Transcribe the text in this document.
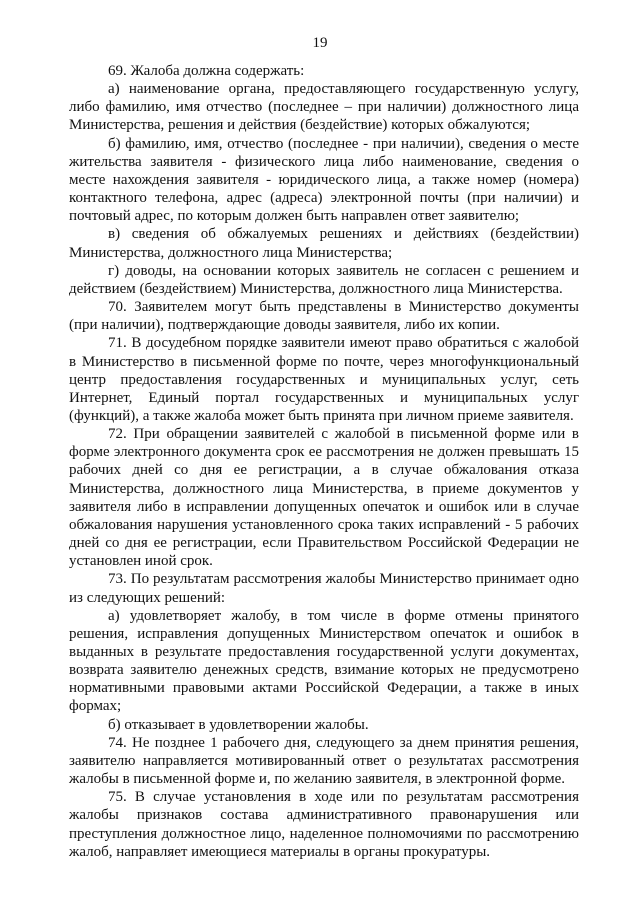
19

69. Жалоба должна содержать:

а) наименование органа, предоставляющего государственную услугу, либо фамилию, имя отчество (последнее – при наличии) должностного лица Министерства, решения и действия (бездействие) которых обжалуются;

б) фамилию, имя, отчество (последнее - при наличии), сведения о месте жительства заявителя - физического лица либо наименование, сведения о месте нахождения заявителя - юридического лица, а также номер (номера) контактного телефона, адрес (адреса) электронной почты (при наличии) и почтовый адрес, по которым должен быть направлен ответ заявителю;

в) сведения об обжалуемых решениях и действиях (бездействии) Министерства, должностного лица Министерства;

г) доводы, на основании которых заявитель не согласен с решением и действием (бездействием) Министерства, должностного лица Министерства.

70. Заявителем могут быть представлены в Министерство документы (при наличии), подтверждающие доводы заявителя, либо их копии.

71. В досудебном порядке заявители имеют право обратиться с жалобой в Министерство в письменной форме по почте, через многофункциональный центр предоставления государственных и муниципальных услуг, сеть Интернет, Единый портал государственных и муниципальных услуг (функций), а также жалоба может быть принята при личном приеме заявителя.

72. При обращении заявителей с жалобой в письменной форме или в форме электронного документа срок ее рассмотрения не должен превышать 15 рабочих дней со дня ее регистрации, а в случае обжалования отказа Министерства, должностного лица Министерства, в приеме документов у заявителя либо в исправлении допущенных опечаток и ошибок или в случае обжалования нарушения установленного срока таких исправлений - 5 рабочих дней со дня ее регистрации, если Правительством Российской Федерации не установлен иной срок.

73. По результатам рассмотрения жалобы Министерство принимает одно из следующих решений:

а) удовлетворяет жалобу, в том числе в форме отмены принятого решения, исправления допущенных Министерством опечаток и ошибок в выданных в результате предоставления государственной услуги документах, возврата заявителю денежных средств, взимание которых не предусмотрено нормативными правовыми актами Российской Федерации, а также в иных формах;

б) отказывает в удовлетворении жалобы.

74. Не позднее 1 рабочего дня, следующего за днем принятия решения, заявителю направляется мотивированный ответ о результатах рассмотрения жалобы в письменной форме и, по желанию заявителя, в электронной форме.

75. В случае установления в ходе или по результатам рассмотрения жалобы признаков состава административного правонарушения или преступления должностное лицо, наделенное полномочиями по рассмотрению жалоб, направляет имеющиеся материалы в органы прокуратуры.
